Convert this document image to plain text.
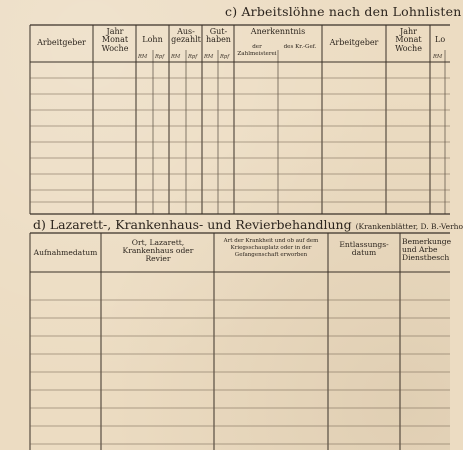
c) Arbeitslöhne nach den Lohnlisten
d) Lazarett-, Krankenhaus- und Revierbehandlung (Krankenblätter, D. B.-Verho
Arbeitgeber
Jahr Monat Woche
Lohn
Aus- gezahlt
Gut- haben
Anerkenntnis
der Zahlmeisterei
des Kr.-Gef.	Arbeitgeber
Jahr Monat Woche
Lo
RM Rpf RM Rpf RM Rpf	RM
Aufnahmedatum
Ort, Lazarett, Krankenhaus oder Revier
Art der Krankheit und ob auf dem Kriegsschauplatz oder in der Gefangenschaft erworben
Entlassungs- datum
Bemerkunge und Arbe Dienstbesch
